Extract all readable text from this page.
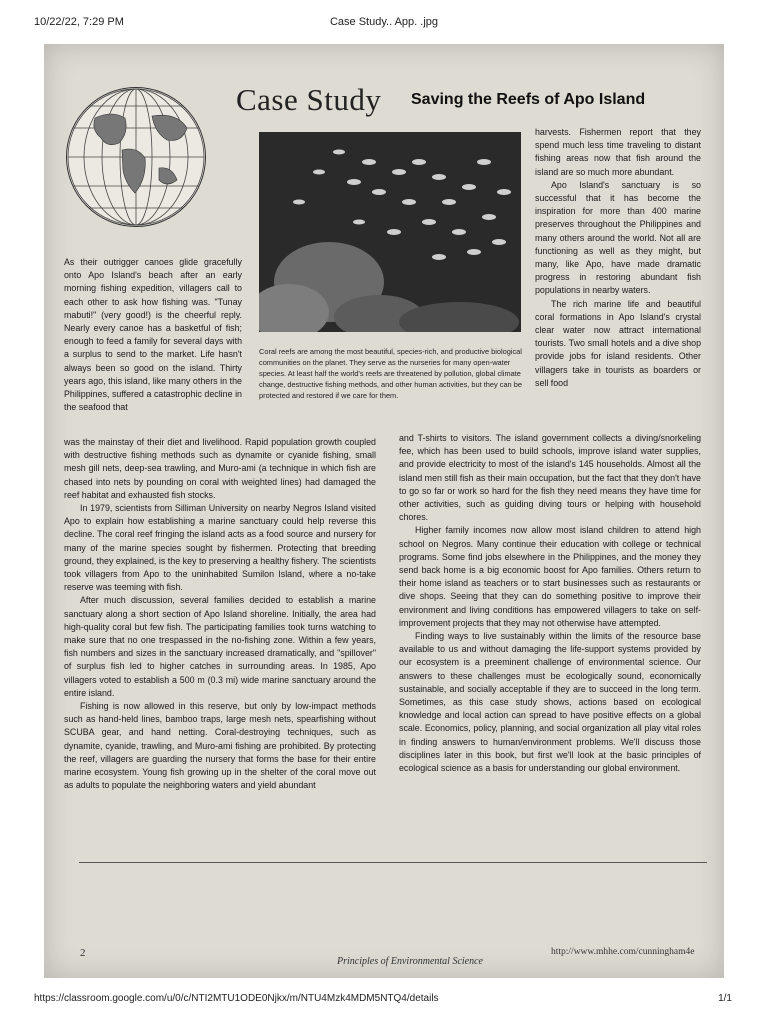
10/22/22, 7:29 PM	Case Study.. App. .jpg
Case Study Saving the Reefs of Apo Island
Coral reefs are among the most beautiful, species-rich, and productive biological communities on the planet. They serve as the nurseries for many open-water species. At least half the world's reefs are threatened by pollution, global climate change, destructive fishing methods, and other human activities, but they can be protected and restored if we care for them.

As their outrigger canoes glide gracefully onto Apo Island's beach after an early morning fishing expedition, villagers call to each other to ask how fishing was. "Tunay mabuti!" (very good!) is the cheerful reply. Nearly every canoe has a basketful of fish; enough to feed a family for several days with a surplus to send to the market. Life hasn't always been so good on the island. Thirty years ago, this island, like many others in the Philippines, suffered a catastrophic decline in the seafood that

was the mainstay of their diet and livelihood. Rapid population growth coupled with destructive fishing methods such as dynamite or cyanide fishing, small mesh gill nets, deep-sea trawling, and Muro-ami (a technique in which fish are chased into nets by pounding on coral with weighted lines) had damaged the reef habitat and exhausted fish stocks.

In 1979, scientists from Silliman University on nearby Negros Island visited Apo to explain how establishing a marine sanctuary could help reverse this decline. The coral reef fringing the island acts as a food source and nursery for many of the marine species sought by fishermen. Protecting that breeding ground, they explained, is the key to preserving a healthy fishery. The scientists took villagers from Apo to the uninhabited Sumilon Island, where a no-take reserve was teeming with fish.

After much discussion, several families decided to establish a marine sanctuary along a short section of Apo Island shoreline. Initially, the area had high-quality coral but few fish. The participating families took turns watching to make sure that no one trespassed in the no-fishing zone. Within a few years, fish numbers and sizes in the sanctuary increased dramatically, and "spillover" of surplus fish led to higher catches in surrounding areas. In 1985, Apo villagers voted to establish a 500 m (0.3 mi) wide marine sanctuary around the entire island.

Fishing is now allowed in this reserve, but only by low-impact methods such as hand-held lines, bamboo traps, large mesh nets, spearfishing without SCUBA gear, and hand netting. Coral-destroying techniques, such as dynamite, cyanide, trawling, and Muro-ami fishing are prohibited. By protecting the reef, villagers are guarding the nursery that forms the base for their entire marine ecosystem. Young fish growing up in the shelter of the coral move out as adults to populate the neighboring waters and yield abundant

harvests. Fishermen report that they spend much less time traveling to distant fishing areas now that fish around the island are so much more abundant.

Apo Island's sanctuary is so successful that it has become the inspiration for more than 400 marine preserves throughout the Philippines and many others around the world. Not all are functioning as well as they might, but many, like Apo, have made dramatic progress in restoring abundant fish populations in nearby waters.

The rich marine life and beautiful coral formations in Apo Island's crystal clear water now attract international tourists. Two small hotels and a dive shop provide jobs for island residents. Other villagers take in tourists as boarders or sell food

and T-shirts to visitors. The island government collects a diving/snorkeling fee, which has been used to build schools, improve island water supplies, and provide electricity to most of the island's 145 households. Almost all the island men still fish as their main occupation, but the fact that they don't have to go so far or work so hard for the fish they need means they have time for other activities, such as guiding diving tours or helping with household chores.

Higher family incomes now allow most island children to attend high school on Negros. Many continue their education with college or technical programs. Some find jobs elsewhere in the Philippines, and the money they send back home is a big economic boost for Apo families. Others return to their home island as teachers or to start businesses such as restaurants or dive shops. Seeing that they can do something positive to improve their environment and living conditions has empowered villagers to take on self-improvement projects that they may not otherwise have attempted.

Finding ways to live sustainably within the limits of the resource base available to us and without damaging the life-support systems provided by our ecosystem is a preeminent challenge of environmental science. Our answers to these challenges must be ecologically sound, economically sustainable, and socially acceptable if they are to succeed in the long term. Sometimes, as this case study shows, actions based on ecological knowledge and local action can spread to have positive effects on a global scale. Economics, policy, planning, and social organization all play vital roles in finding answers to human/environment problems. We'll discuss those disciplines later in this book, but first we'll look at the basic principles of ecological science as a basis for understanding our global environment.

2
Principles of Environmental Science
http://www.mhhe.com/cunningham4e
https://classroom.google.com/u/0/c/NTI2MTU1ODE0Njkx/m/NTU4Mzk4MDM5NTQ4/details	1/1
